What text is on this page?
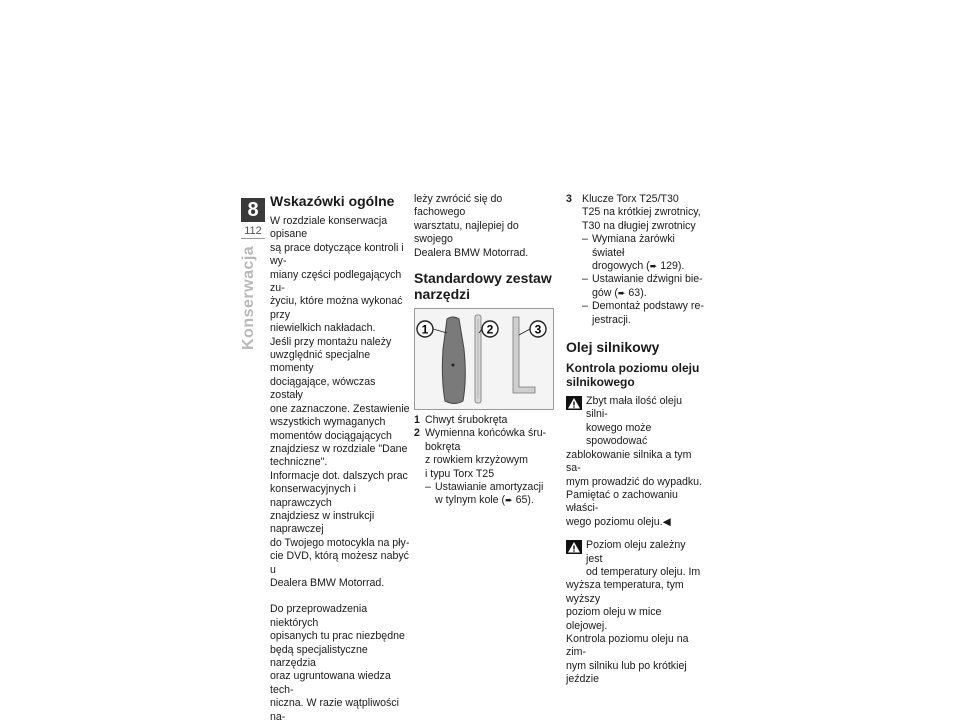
8
112
Konserwacja
Wskazówki ogólne

W rozdziale konserwacja opisane

są prace dotyczące kontroli i wy-

miany części podlegających zu-

życiu, które można wykonać przy

niewielkich nakładach.

Jeśli przy montażu należy

uwzględnić specjalne momenty

dociągające, wówczas zostały

one zaznaczone. Zestawienie

wszystkich wymaganych

momentów dociągających

znajdziesz w rozdziale "Dane

techniczne".

Informacje dot. dalszych prac

konserwacyjnych i naprawczych

znajdziesz w instrukcji naprawczej

do Twojego motocykla na pły-

cie DVD, którą możesz nabyć u

Dealera BMW Motorrad.

Do przeprowadzenia niektórych

opisanych tu prac niezbędne

będą specjalistyczne narzędzia

oraz ugruntowana wiedza tech-

niczna. W razie wątpliwości na-

leży zwrócić się do fachowego

warsztatu, najlepiej do swojego

Dealera BMW Motorrad.

Standardowy zestaw narzędzi
1	2	3
1 Chwyt śrubokręta
2 Wymienna końcówka śru-
bokręta
z rowkiem krzyżowym
i typu Torx T25
– Ustawianie amortyzacji
w tylnym kole (➨ 65).
3 Klucze Torx T25/T30

T25 na krótkiej zwrotnicy,

T30 na długiej zwrotnicy

– Wymiana żarówki świateł
drogowych (➨ 129).
– Ustawianie dźwigni bie-
gów (➨ 63).
– Demontaż podstawy re-
jestracji.
Olej silnikowy
Kontrola poziomu oleju silnikowego

Zbyt mała ilość oleju silni-

kowego może spowodować

zablokowanie silnika a tym sa-

mym prowadzić do wypadku.

Pamiętać o zachowaniu właści-

wego poziomu oleju.◀

Poziom oleju zależny jest

od temperatury oleju. Im

wyższa temperatura, tym wyższy

poziom oleju w mice olejowej.

Kontrola poziomu oleju na zim-

nym silniku lub po krótkiej jeździe
